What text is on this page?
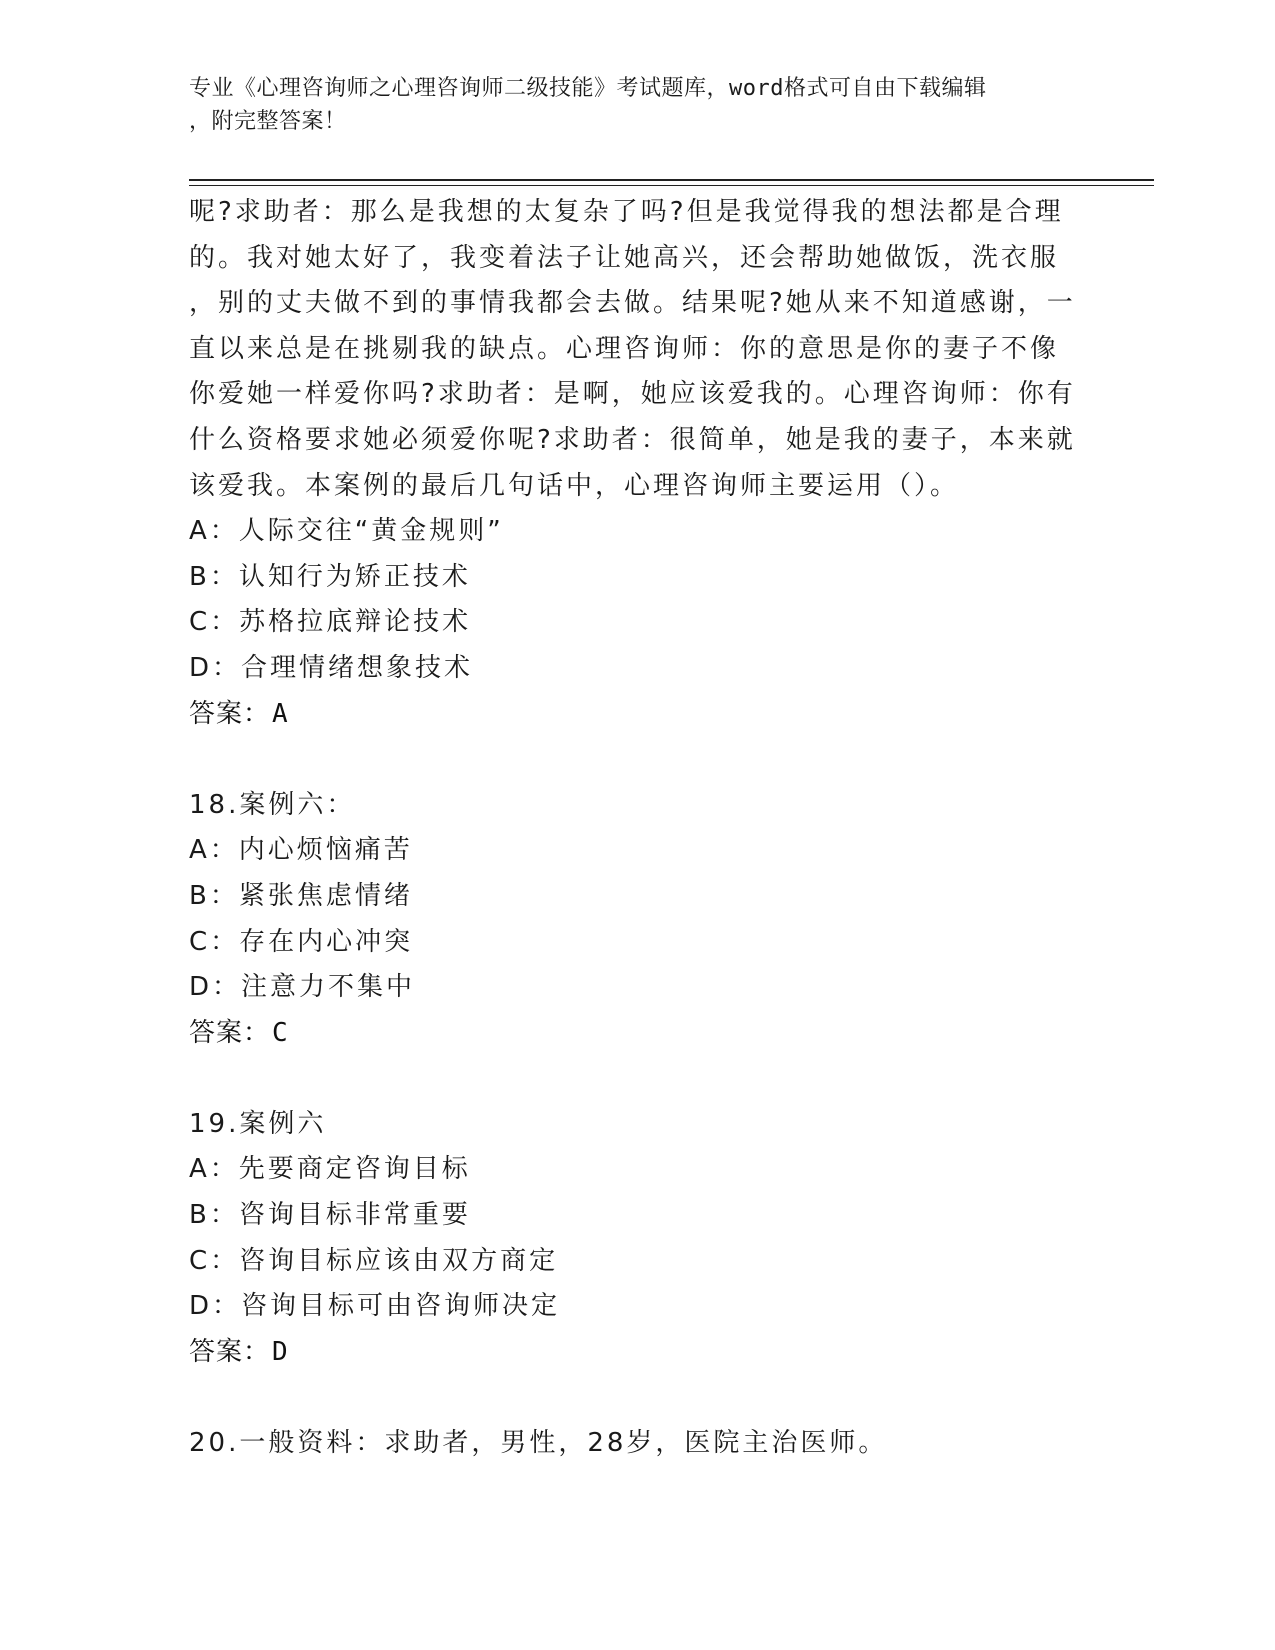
专业《心理咨询师之心理咨询师二级技能》考试题库，word格式可自由下载编辑
，附完整答案！
呢?求助者：那么是我想的太复杂了吗?但是我觉得我的想法都是合理
的。我对她太好了，我变着法子让她高兴，还会帮助她做饭，洗衣服
，别的丈夫做不到的事情我都会去做。结果呢?她从来不知道感谢，一
直以来总是在挑剔我的缺点。心理咨询师：你的意思是你的妻子不像
你爱她一样爱你吗?求助者：是啊，她应该爱我的。心理咨询师：你有
什么资格要求她必须爱你呢?求助者：很简单，她是我的妻子，本来就
该爱我。本案例的最后几句话中，心理咨询师主要运用（）。
A：人际交往“黄金规则”
B：认知行为矫正技术
C：苏格拉底辩论技术
D：合理情绪想象技术
答案：A
18.案例六：
A：内心烦恼痛苦
B：紧张焦虑情绪
C：存在内心冲突
D：注意力不集中
答案：C
19.案例六
A：先要商定咨询目标
B：咨询目标非常重要
C：咨询目标应该由双方商定
D：咨询目标可由咨询师决定
答案：D
20.一般资料：求助者，男性，28岁，医院主治医师。
